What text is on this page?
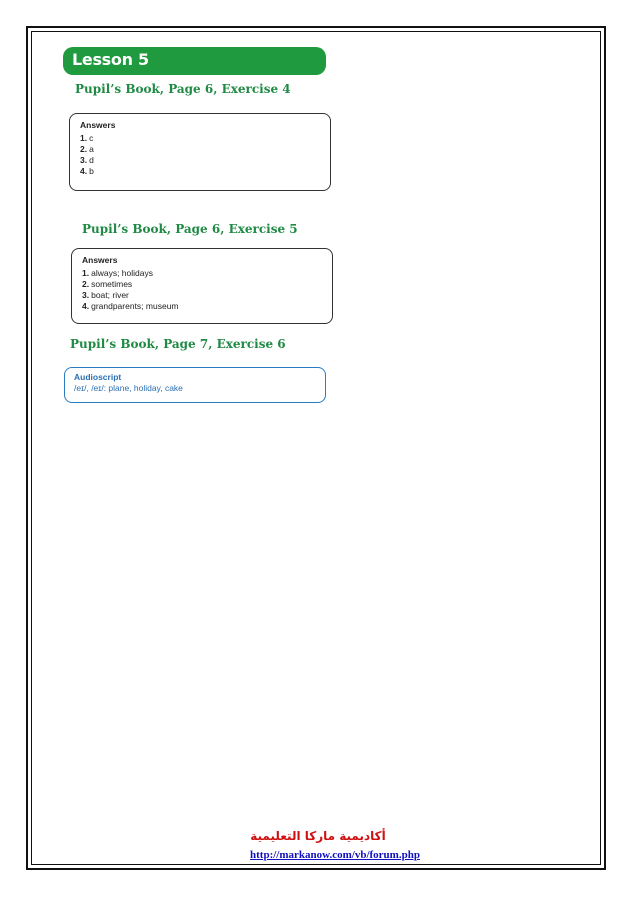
Lesson 5
Pupil’s Book, Page 6, Exercise 4
Answers
1. c
2. a
3. d
4. b
Pupil’s Book, Page 6, Exercise 5
Answers
1. always; holidays
2. sometimes
3. boat; river
4. grandparents; museum
Pupil’s Book, Page 7, Exercise 6
Audioscript
/eɪ/, /eɪ/: plane, holiday, cake
أكاديمية ماركا التعليمية
http://markanow.com/vb/forum.php
